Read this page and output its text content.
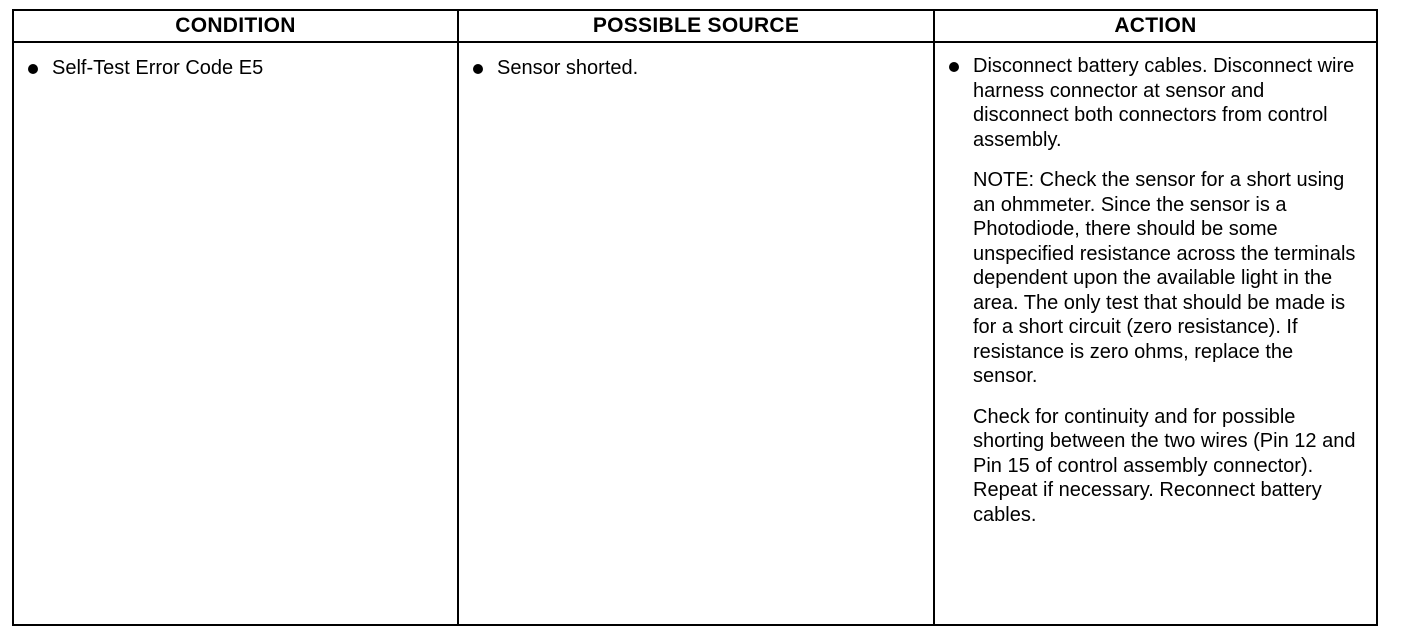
CONDITION	POSSIBLE SOURCE	ACTION
Self-Test Error Code E5	Sensor shorted.	Disconnect battery cables. Disconnect wire harness connector at sensor and disconnect both connectors from control assembly.
NOTE: Check the sensor for a short using an ohmmeter. Since the sensor is a Photodiode, there should be some unspecified resistance across the terminals dependent upon the available light in the area. The only test that should be made is for a short circuit (zero resistance). If resistance is zero ohms, replace the sensor.
Check for continuity and for possible shorting between the two wires (Pin 12 and Pin 15 of control assembly connector). Repeat if necessary. Reconnect battery cables.
